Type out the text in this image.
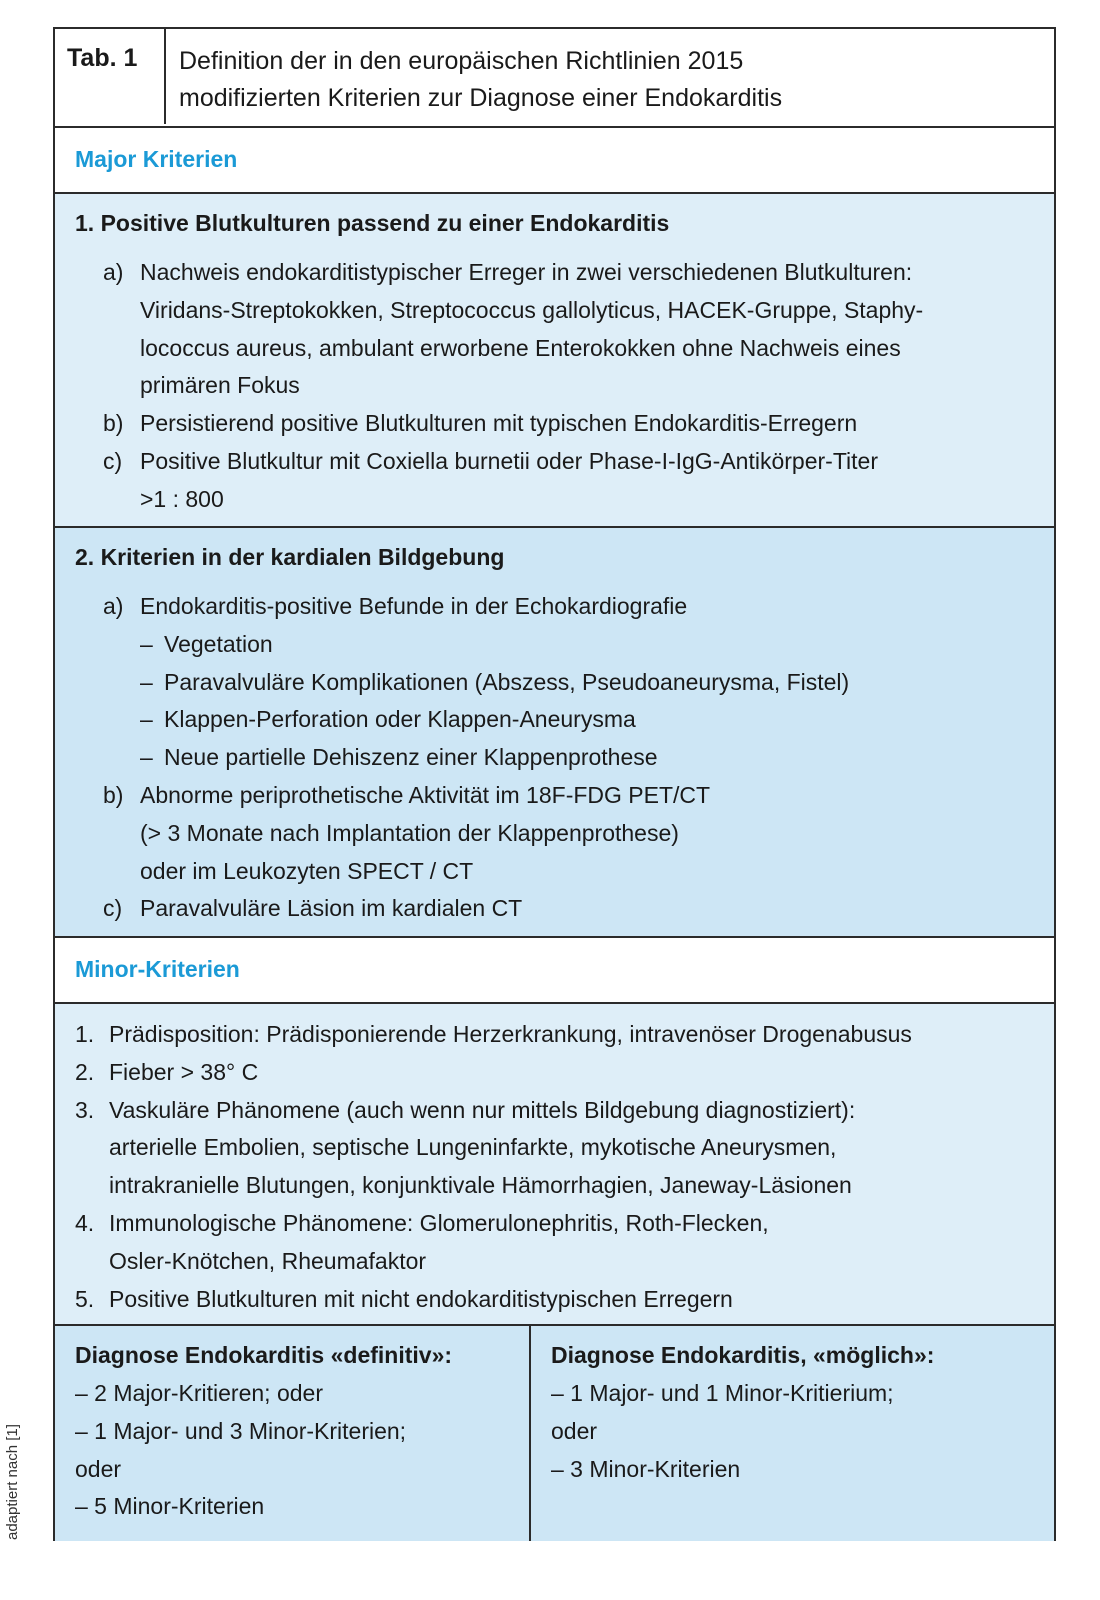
Tab. 1	Definition der in den europäischen Richtlinien 2015
modifizierten Kriterien zur Diagnose einer Endokarditis
Major Kriterien
1. Positive Blutkulturen passend zu einer Endokarditis
a) Nachweis endokarditistypischer Erreger in zwei verschiedenen Blutkulturen:
Viridans-Streptokokken, Streptococcus gallolyticus, HACEK-Gruppe, Staphy-
lococcus aureus, ambulant erworbene Enterokokken ohne Nachweis eines
primären Fokus
b) Persistierend positive Blutkulturen mit typischen Endokarditis-Erregern
c) Positive Blutkultur mit Coxiella burnetii oder Phase-I-IgG-Antikörper-Titer
>1 : 800
2. Kriterien in der kardialen Bildgebung
a) Endokarditis-positive Befunde in der Echokardiografie
– Vegetation
– Paravalvuläre Komplikationen (Abszess, Pseudoaneurysma, Fistel)
– Klappen-Perforation oder Klappen-Aneurysma
– Neue partielle Dehiszenz einer Klappenprothese
b) Abnorme periprothetische Aktivität im 18F-FDG PET/CT
(> 3 Monate nach Implantation der Klappenprothese)
oder im Leukozyten SPECT / CT
c) Paravalvuläre Läsion im kardialen CT
Minor-Kriterien
1. Prädisposition: Prädisponierende Herzerkrankung, intravenöser Drogenabusus
2. Fieber > 38° C
3. Vaskuläre Phänomene (auch wenn nur mittels Bildgebung diagnostiziert):
arterielle Embolien, septische Lungeninfarkte, mykotische Aneurysmen,
intrakranielle Blutungen, konjunktivale Hämorrhagien, Janeway-Läsionen
4. Immunologische Phänomene: Glomerulonephritis, Roth-Flecken,
Osler-Knötchen, Rheumafaktor
5. Positive Blutkulturen mit nicht endokarditistypischen Erregern
Diagnose Endokarditis «definitiv»:
– 2 Major-Kritieren; oder
– 1 Major- und 3 Minor-Kriterien;
oder
– 5 Minor-Kriterien
Diagnose Endokarditis, «möglich»:
– 1 Major- und 1 Minor-Kritierium;
oder
– 3 Minor-Kriterien
adaptiert nach [1]
